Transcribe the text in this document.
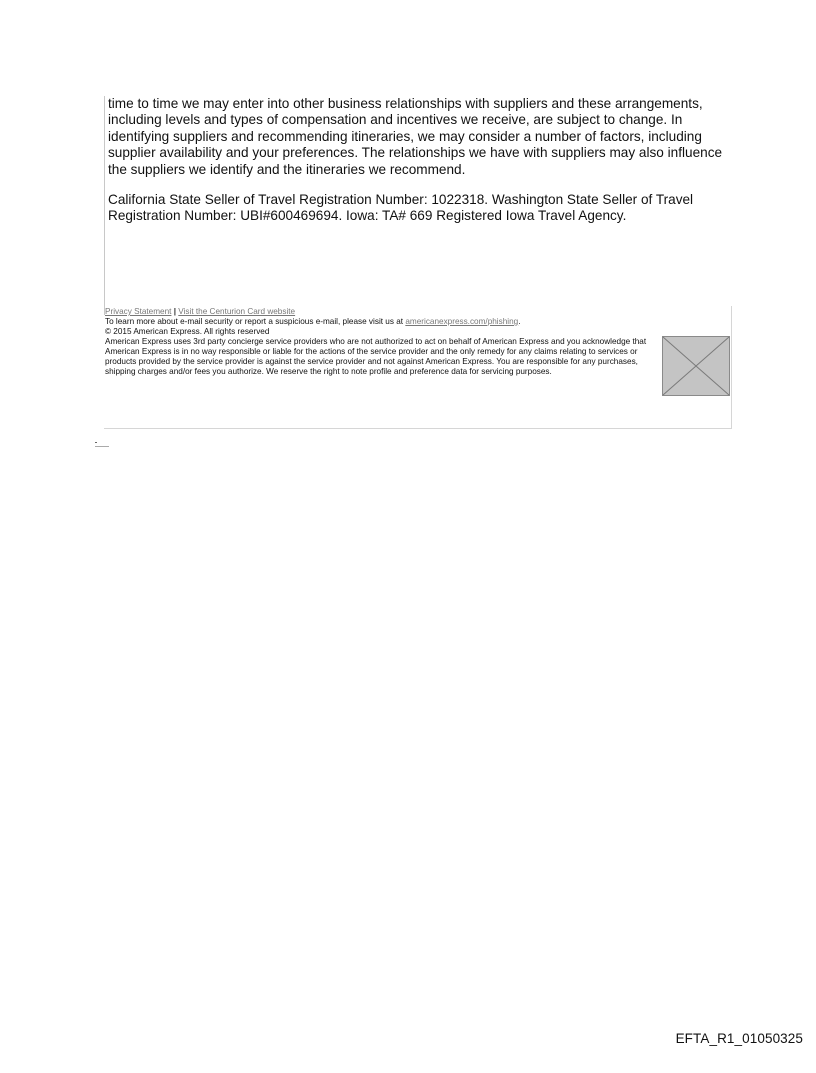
time to time we may enter into other business relationships with suppliers and these arrangements, including levels and types of compensation and incentives we receive, are subject to change. In identifying suppliers and recommending itineraries, we may consider a number of factors, including supplier availability and your preferences. The relationships we have with suppliers may also influence the suppliers we identify and the itineraries we recommend.

California State Seller of Travel Registration Number: 1022318. Washington State Seller of Travel Registration Number: UBI#600469694. Iowa: TA# 669 Registered Iowa Travel Agency.

Privacy Statement | Visit the Centurion Card website
To learn more about e-mail security or report a suspicious e-mail, please visit us at americanexpress.com/phishing.
© 2015 American Express. All rights reserved
American Express uses 3rd party concierge service providers who are not authorized to act on behalf of American Express and you acknowledge that American Express is in no way responsible or liable for the actions of the service provider and the only remedy for any claims relating to services or products provided by the service provider is against the service provider and not against American Express. You are responsible for any purchases, shipping charges and/or fees you authorize. We reserve the right to note profile and preference data for servicing purposes.
EFTA_R1_01050325
